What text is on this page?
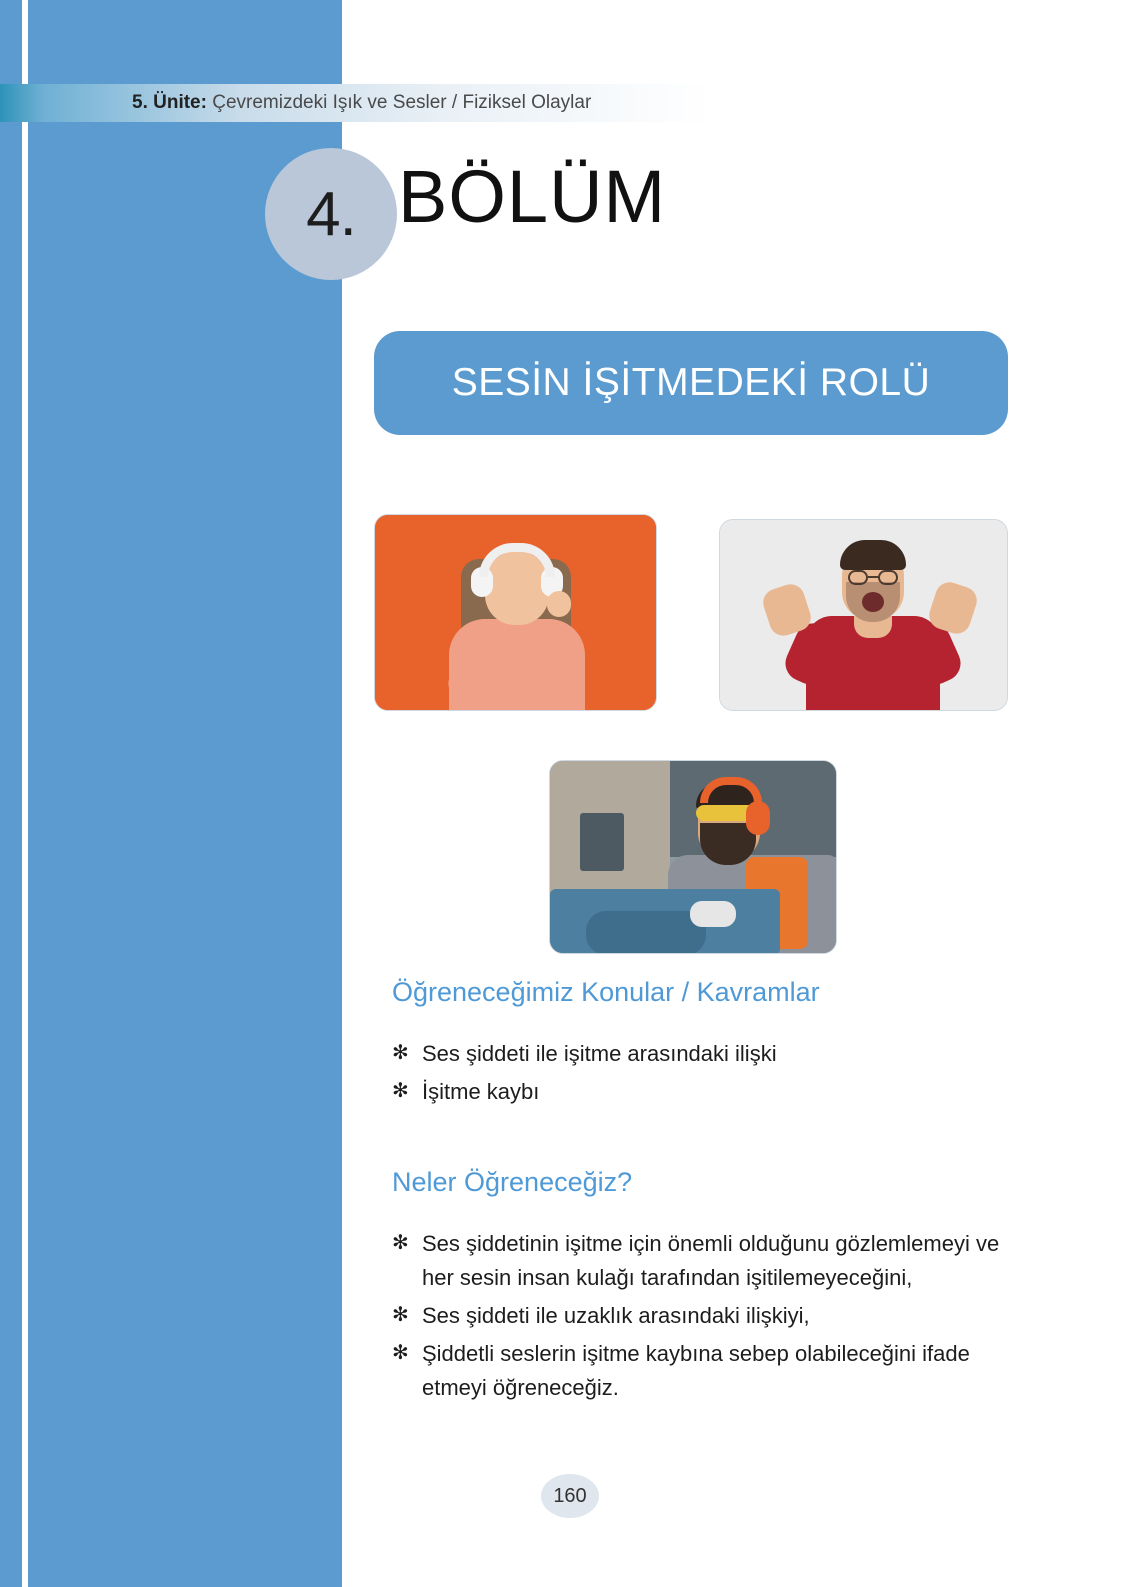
5. Ünite: Çevremizdeki Işık ve Sesler / Fiziksel Olaylar
4. BÖLÜM
SESİN İŞİTMEDEKİ ROLÜ
Öğreneceğimiz Konular / Kavramlar
✻ Ses şiddeti ile işitme arasındaki ilişki
✻ İşitme kaybı
Neler Öğreneceğiz?
✻ Ses şiddetinin işitme için önemli olduğunu gözlemlemeyi ve her sesin insan kulağı tarafından işitilemeyeceğini,
✻ Ses şiddeti ile uzaklık arasındaki ilişkiyi,
✻ Şiddetli seslerin işitme kaybına sebep olabileceğini ifade etmeyi öğreneceğiz.
160
